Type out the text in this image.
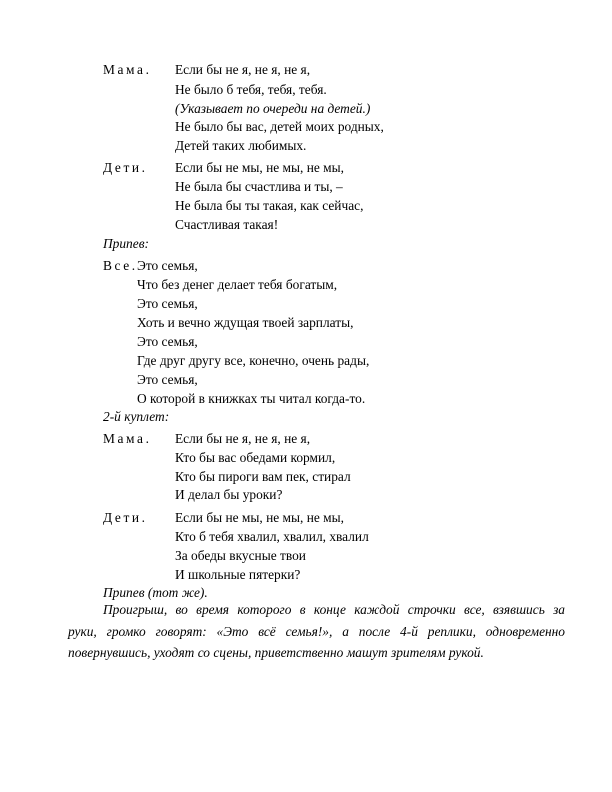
Мама. Если бы не я, не я, не я,
Не было б тебя, тебя, тебя.
(Указывает по очереди на детей.)
Не было бы вас, детей моих родных,
Детей таких любимых.
Дети. Если бы не мы, не мы, не мы,
Не была бы счастлива и ты, –
Не была бы ты такая, как сейчас,
Счастливая такая!
Припев:
Все. Это семья,
Что без денег делает тебя богатым,
Это семья,
Хоть и вечно ждущая твоей зарплаты,
Это семья,
Где друг другу все, конечно, очень рады,
Это семья,
О которой в книжках ты читал когда-то.
2-й куплет:
Мама. Если бы не я, не я, не я,
Кто бы вас обедами кормил,
Кто бы пироги вам пек, стирал
И делал бы уроки?
Дети. Если бы не мы, не мы, не мы,
Кто б тебя хвалил, хвалил, хвалил
За обеды вкусные твои
И школьные пятерки?
Припев (тот же).
Проигрыш, во время которого в конце каждой строчки все, взявшись за
руки, громко говорят: «Это всё семья!», а после 4-й реплики, одновременно
повернувшись, уходят со сцены, приветственно машут зрителям рукой.
